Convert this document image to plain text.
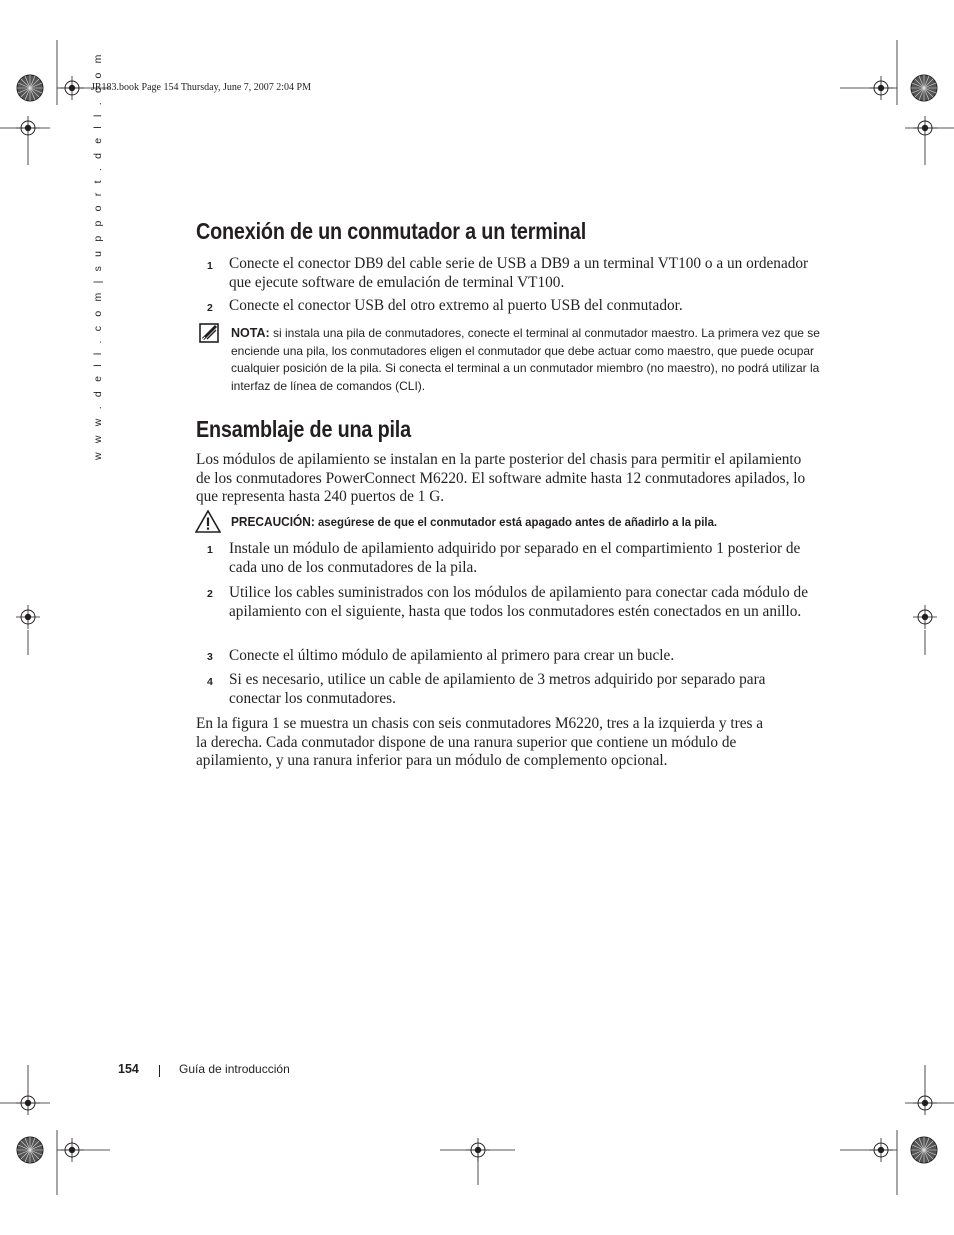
JR183.book Page 154 Thursday, June 7, 2007 2:04 PM
w w w . d e l l . c o m | s u p p o r t . d e l l . c o m	Conexión de un conmutador a un terminal
1 Conecte el conector DB9 del cable serie de USB a DB9 a un terminal VT100 o a un ordenador que ejecute software de emulación de terminal VT100.
2 Conecte el conector USB del otro extremo al puerto USB del conmutador.
NOTA: si instala una pila de conmutadores, conecte el terminal al conmutador maestro. La primera vez que se enciende una pila, los conmutadores eligen el conmutador que debe actuar como maestro, que puede ocupar cualquier posición de la pila. Si conecta el terminal a un conmutador miembro (no maestro), no podrá utilizar la interfaz de línea de comandos (CLI).
Ensamblaje de una pila
Los módulos de apilamiento se instalan en la parte posterior del chasis para permitir el apilamiento de los conmutadores PowerConnect M6220. El software admite hasta 12 conmutadores apilados, lo que representa hasta 240 puertos de 1 G.
PRECAUCIÓN: asegúrese de que el conmutador está apagado antes de añadirlo a la pila.
1 Instale un módulo de apilamiento adquirido por separado en el compartimiento 1 posterior de cada uno de los conmutadores de la pila.
2 Utilice los cables suministrados con los módulos de apilamiento para conectar cada módulo de apilamiento con el siguiente, hasta que todos los conmutadores estén conectados en un anillo.
3 Conecte el último módulo de apilamiento al primero para crear un bucle.
4 Si es necesario, utilice un cable de apilamiento de 3 metros adquirido por separado para conectar los conmutadores.
En la figura 1 se muestra un chasis con seis conmutadores M6220, tres a la izquierda y tres a la derecha. Cada conmutador dispone de una ranura superior que contiene un módulo de apilamiento, y una ranura inferior para un módulo de complemento opcional.
154	Guía de introducción
